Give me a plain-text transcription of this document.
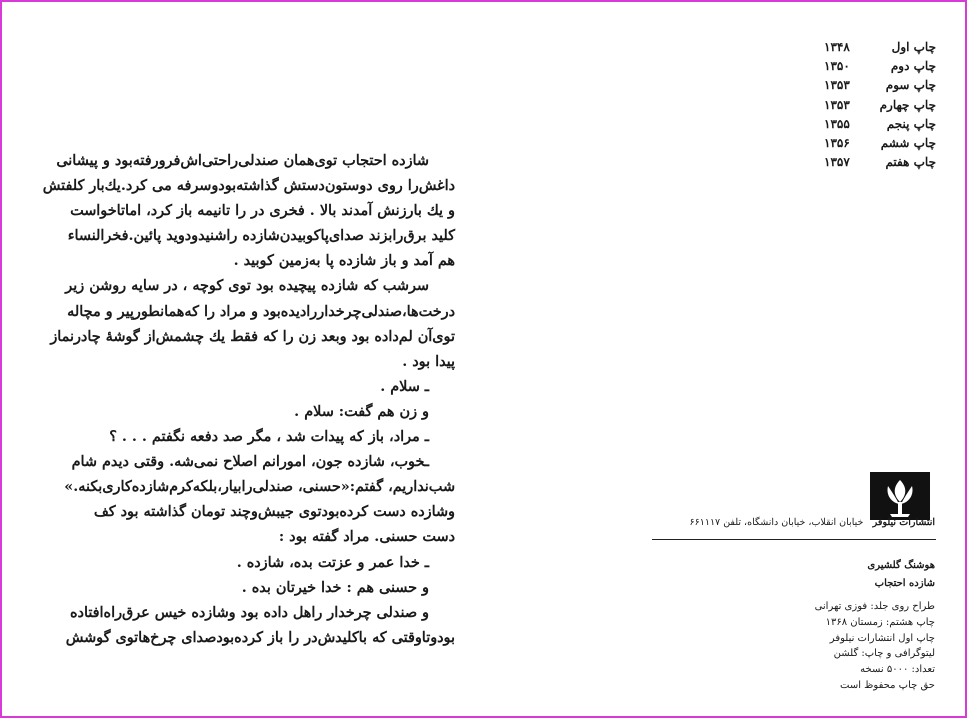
شازده احتجاب توی‌همان صندلی‌راحتی‌اش‌فرورفته‌بود و پیشانی
داغش‌را روی دوستون‌دستش گذاشته‌بودوسرفه می کرد.یك‌بار کلفتش
و یك بارزنش آمدند بالا . فخری در را تانیمه باز کرد، اماتاخواست
کلید برق‌رابزند صدای‌پاکوبیدن‌شازده راشنیدودوید پائین.فخرالنساء
هم آمد و باز شازده پا بەزمین کوبید .

سرشب که شازده پیچیده بود توی کوچه ، در سایه روشن زیر
درخت‌ها،صندلی‌چرخدارراديده‌بود و مراد را که‌همانطورپیر و مچاله
توی‌آن لم‌داده بود وبعد زن را که فقط یك چشمش‌از گوشهٔ چادرنماز
پیدا بود .

ـ سلام .

و زن هم گفت: سلام .

ـ مراد، باز که پیدات شد ، مگر صد دفعه نگفتم . . . ؟

ـخوب، شازده جون، امورانم اصلاح نمی‌شه. وقتی دیدم شام
شب‌نداریم، گفتم:«حسنی، صندلی‌رابیار،بلکه‌کرم‌شازده‌کاری‌بکنه.»
وشازده دست کرده‌بودتوی جیبش‌وچند تومان گذاشته بود کف
دست حسنی. مراد گفته بود :

ـ خدا عمر و عزتت بده، شازده .

و حسنی هم : خدا خیرتان بده .

و صندلی چرخدار راهل داده بود وشازده خیس عرق‌راه‌افتاده
بودوتاوقتی که باکلیدش‌در را باز کرده‌بودصدای چرخ‌هاتوی گوشش

چاپ اول
۱۳۴۸
چاپ دوم
۱۳۵۰
چاپ سوم
۱۳۵۳
چاپ چهارم
۱۳۵۳
چاپ پنجم
۱۳۵۵
چاپ ششم
۱۳۵۶
چاپ هفتم
۱۳۵۷
انتشارات نیلوفر خیابان انقلاب، خیابان دانشگاه، تلفن ۶۶۱۱۱۷
هوشنگ گلشیری
شازده احتجاب
طراح روی جلد: فوزی تهرانی
چاپ هشتم: زمستان ۱۳۶۸
چاپ اول انتشارات نیلوفر
لیتوگرافی و چاپ: گلشن
تعداد: ۵۰۰۰ نسخه
حق چاپ محفوظ است
